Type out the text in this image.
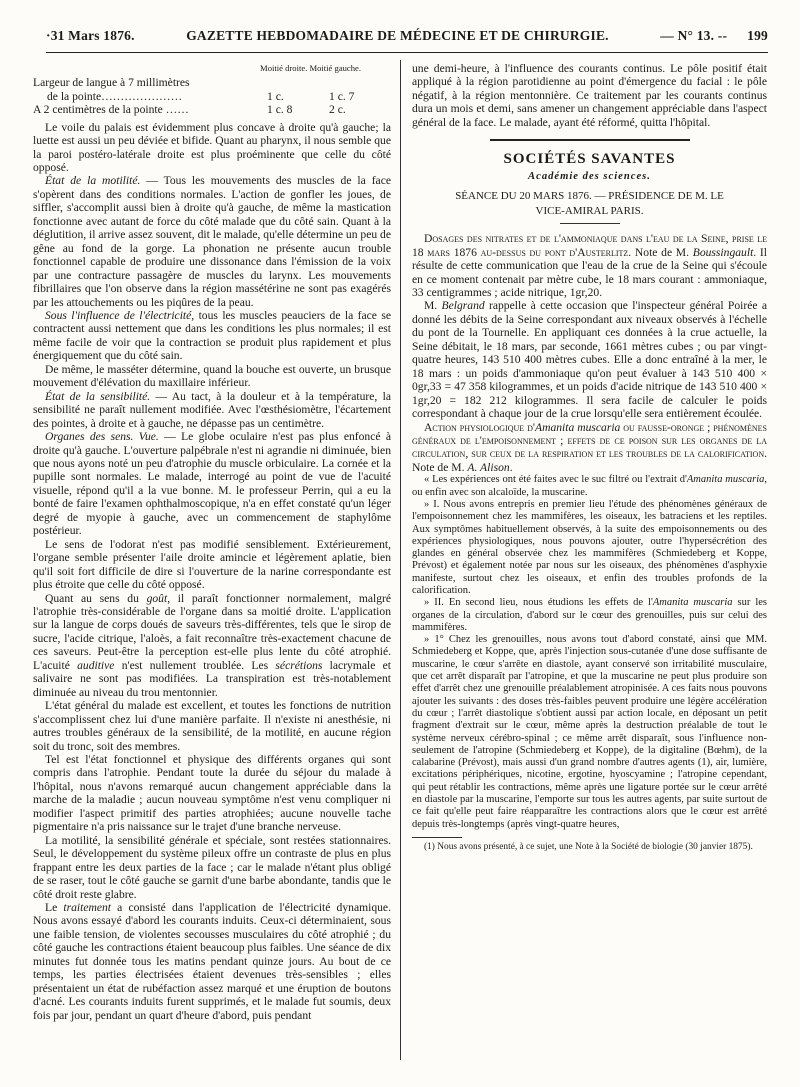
·31 Mars 1876.	GAZETTE HEBDOMADAIRE DE MÉDECINE ET DE CHIRURGIE.	— N° 13. -- 199
Moitié droite. Moitié gauche.
Largeur de langue à 7 millimètres		
de la pointe…………………	1 c.	1 c. 7
A 2 centimètres de la pointe ……	1 c. 8	2 c.

Le voile du palais est évidemment plus concave à droite qu'à gauche; la luette est aussi un peu déviée et bifide. Quant au pharynx, il nous semble que la paroi postéro-latérale droite est plus proéminente que celle du côté opposé.

État de la motilité. — Tous les mouvements des muscles de la face s'opèrent dans des conditions normales. L'action de gonfler les joues, de siffler, s'accomplit aussi bien à droite qu'à gauche, de même la mastication fonctionne avec autant de force du côté malade que du côté sain. Quant à la déglutition, il arrive assez souvent, dit le malade, qu'elle détermine un peu de gêne au fond de la gorge. La phonation ne présente aucun trouble fonctionnel capable de produire une dissonance dans l'émission de la voix par une contracture passagère de muscles du larynx. Les mouvements fibrillaires que l'on observe dans la région massétérine ne sont pas exagérés par les attouchements ou les piqûres de la peau.

Sous l'influence de l'électricité, tous les muscles peauciers de la face se contractent aussi nettement que dans les conditions les plus normales; il est même facile de voir que la contraction se produit plus rapidement et plus énergiquement que du côté sain.

De même, le masséter détermine, quand la bouche est ouverte, un brusque mouvement d'élévation du maxillaire inférieur.

État de la sensibilité. — Au tact, à la douleur et à la température, la sensibilité ne paraît nullement modifiée. Avec l'œsthésiomètre, l'écartement des pointes, à droite et à gauche, ne dépasse pas un centimètre.

Organes des sens. Vue. — Le globe oculaire n'est pas plus enfoncé à droite qu'à gauche. L'ouverture palpébrale n'est ni agrandie ni diminuée, bien que nous ayons noté un peu d'atrophie du muscle orbiculaire. La cornée et la pupille sont normales. Le malade, interrogé au point de vue de l'acuité visuelle, répond qu'il a la vue bonne. M. le professeur Perrin, qui a eu la bonté de faire l'examen ophthalmoscopique, n'a en effet constaté qu'un léger degré de myopie à gauche, avec un commencement de staphylôme postérieur.

Le sens de l'odorat n'est pas modifié sensiblement. Extérieurement, l'organe semble présenter l'aile droite amincie et légèrement aplatie, bien qu'il soit fort difficile de dire si l'ouverture de la narine correspondante est plus étroite que celle du côté opposé.

Quant au sens du goût, il paraît fonctionner normalement, malgré l'atrophie très-considérable de l'organe dans sa moitié droite. L'application sur la langue de corps doués de saveurs très-différentes, tels que le sirop de sucre, l'acide citrique, l'aloès, a fait reconnaître très-exactement chacune de ces saveurs. Peut-être la perception est-elle plus lente du côté atrophié. L'acuité auditive n'est nullement troublée. Les sécrétions lacrymale et salivaire ne sont pas modifiées. La transpiration est très-notablement diminuée au niveau du trou mentonnier.

L'état général du malade est excellent, et toutes les fonctions de nutrition s'accomplissent chez lui d'une manière parfaite. Il n'existe ni anesthésie, ni autres troubles généraux de la sensibilité, de la motilité, en aucune région soit du tronc, soit des membres.

Tel est l'état fonctionnel et physique des différents organes qui sont compris dans l'atrophie. Pendant toute la durée du séjour du malade à l'hôpital, nous n'avons remarqué aucun changement appréciable dans la marche de la maladie ; aucun nouveau symptôme n'est venu compliquer ni modifier l'aspect primitif des parties atrophiées; aucune nouvelle tache pigmentaire n'a pris naissance sur le trajet d'une branche nerveuse.

La motilité, la sensibilité générale et spéciale, sont restées stationnaires. Seul, le développement du système pileux offre un contraste de plus en plus frappant entre les deux parties de la face ; car le malade n'étant plus obligé de se raser, tout le côté gauche se garnit d'une barbe abondante, tandis que le côté droit reste glabre.

Le traitement a consisté dans l'application de l'électricité dynamique. Nous avons essayé d'abord les courants induits. Ceux-ci déterminaient, sous une faible tension, de violentes secousses musculaires du côté atrophié ; du côté gauche les contractions étaient beaucoup plus faibles. Une séance de dix minutes fut donnée tous les matins pendant quinze jours. Au bout de ce temps, les parties électrisées étaient devenues très-sensibles ; elles présentaient un état de rubéfaction assez marqué et une éruption de boutons d'acné. Les courants induits furent supprimés, et le malade fut soumis, deux fois par jour, pendant un quart d'heure d'abord, puis pendant

une demi-heure, à l'influence des courants continus. Le pôle positif était appliqué à la région parotidienne au point d'émergence du facial : le pôle négatif, à la région mentonnière. Ce traitement par les courants continus dura un mois et demi, sans amener un changement appréciable dans l'aspect général de la face. Le malade, ayant été réformé, quitta l'hôpital.

SOCIÉTÉS SAVANTES
Académie des sciences.
SÉANCE DU 20 MARS 1876. — PRÉSIDENCE DE M. LE
VICE-AMIRAL PARIS.

Dosages des nitrates et de l'ammoniaque dans l'eau de la Seine, prise le 18 mars 1876 au-dessus du pont d'Austerlitz. Note de M. Boussingault. Il résulte de cette communication que l'eau de la crue de la Seine qui s'écoule en ce moment contenait par mètre cube, le 18 mars courant : ammoniaque, 33 centigrammes ; acide nitrique, 1gr,20.

M. Belgrand rappelle à cette occasion que l'inspecteur général Poirée a donné les débits de la Seine correspondant aux niveaux observés à l'échelle du pont de la Tournelle. En appliquant ces données à la crue actuelle, la Seine débitait, le 18 mars, par seconde, 1661 mètres cubes ; ou par vingt-quatre heures, 143 510 400 mètres cubes. Elle a donc entraîné à la mer, le 18 mars : un poids d'ammoniaque qu'on peut évaluer à 143 510 400 × 0gr,33 = 47 358 kilogrammes, et un poids d'acide nitrique de 143 510 400 × 1gr,20 = 182 212 kilogrammes. Il sera facile de calculer le poids correspondant à chaque jour de la crue lorsqu'elle sera entièrement écoulée.

Action physiologique d'Amanita muscaria ou fausse-oronge ; phénomènes généraux de l'empoisonnement ; effets de ce poison sur les organes de la circulation, sur ceux de la respiration et les troubles de la calorification. Note de M. A. Alison.

« Les expériences ont été faites avec le suc filtré ou l'extrait d'Amanita muscaria, ou enfin avec son alcaloïde, la muscarine.

» I. Nous avons entrepris en premier lieu l'étude des phénomènes généraux de l'empoisonnement chez les mammifères, les oiseaux, les batraciens et les reptiles. Aux symptômes habituellement observés, à la suite des empoisonnements ou des expériences physiologiques, nous pouvons ajouter, outre l'hypersécrétion des glandes en général observée chez les mammifères (Schmiedeberg et Koppe, Prévost) et également notée par nous sur les oiseaux, des phénomènes d'asphyxie manifeste, surtout chez les oiseaux, et enfin des troubles profonds de la calorification.

» II. En second lieu, nous étudions les effets de l'Amanita muscaria sur les organes de la circulation, d'abord sur le cœur des grenouilles, puis sur celui des mammifères.

» 1° Chez les grenouilles, nous avons tout d'abord constaté, ainsi que MM. Schmiedeberg et Koppe, que, après l'injection sous-cutanée d'une dose suffisante de muscarine, le cœur s'arrête en diastole, ayant conservé son irritabilité musculaire, que cet arrêt disparaît par l'atropine, et que la muscarine ne peut plus produire son effet d'arrêt chez une grenouille préalablement atropinisée. A ces faits nous pouvons ajouter les suivants : des doses très-faibles peuvent produire une légère accélération du cœur ; l'arrêt diastolique s'obtient aussi par action locale, en déposant un petit fragment d'extrait sur le cœur, même après la destruction préalable de tout le système nerveux cérébro-spinal ; ce même arrêt disparaît, sous l'influence non-seulement de l'atropine (Schmiedeberg et Koppe), de la digitaline (Bœhm), de la calabarine (Prévost), mais aussi d'un grand nombre d'autres agents (1), air, lumière, excitations périphériques, nicotine, ergotine, hyoscyamine ; l'atropine cependant, qui peut rétablir les contractions, même après une ligature portée sur le cœur arrêté en diastole par la muscarine, l'emporte sur tous les autres agents, par suite surtout de ce fait qu'elle peut faire réapparaître les contractions alors que le cœur est arrêté depuis très-longtemps (après vingt-quatre heures,

(1) Nous avons présenté, à ce sujet, une Note à la Société de biologie (30 janvier 1875).
